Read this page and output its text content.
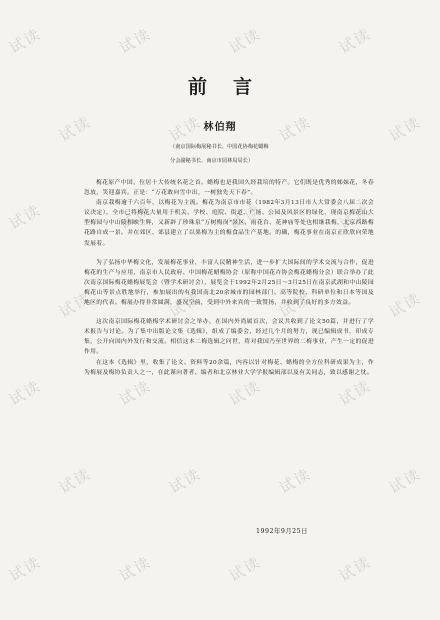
试读	试读	试读	试读
试读	试读	试读	试读
试读	试读	试读	试读
试读	试读	试读	试读
试读	试读	试读	试读
试读	试读	试读	试读
试读	试读	试读	试读
前言
林伯翔
（南京国际梅展秘书长、中国花协梅花蜡梅
分会副秘书长、南京市园林局局长）

梅花原产中国，位居十大传统名花之首。蜡梅也是我国久经栽培的特产。它们既是优秀的姊妹花，冬春忽放，笑迎嘉宾。正是：“万花敢向雪中出，一树独先天下春”。

南京栽梅逾千六百年，以梅花为主流。梅花为南京市市花（1982年3月13日市人大常委会八届二次会议决定），全市已将梅花大量用于机关、学校、庭院、街道、广场、公园及风景区的绿化，现南京梅花山大型梅园与中山陵相映生辉，又新辟了珍珠泉“万树梅岗”景区，雨花台、花神庙等处也相继栽梅，北京西路梅花路自成一景。并在郊区、郊县建立了以果梅为主的梅食品生产基地。的确，梅花事业在南京正欣欣向荣地发展着。

为了弘扬中华梅文化，发展梅花事业，丰富人民精神生活，进一步扩大国际间的学术交流与合作，促进梅花的生产与应用，南京市人民政府、中国梅花蜡梅协会（原称中国花卉协会梅花蜡梅分会）联合举办了此次南京国际梅花蜡梅展览会（暨学术研讨会），展览会于1992年2月25日～3月25日在南京武湖和中山陵园梅花山等景点胜地举行，参加展出的有我国南北20余城市的园林部门、高等院校、科研单位和日本等国及地区的代表。梅展办得非常圆满，盛况空前，受到中外来宾的一致赞扬，并收到了良好的多方效益。

这次南京国际梅花蜡梅学术研讨会之举办，在国内外尚属首次，会议共收到了论文50篇，并进行了学术报告与讨论。为了集中出版论文集《选辑》，组成了编委会，经过几个月的努力，现已编辑成书，印成专集，公开向国内外发行和交流。相信这本二梅选辑之问世，将对我国乃至世界的二梅事业，产生一定的促进作用。

在这本《选辑》里，收集了论文、资料等20余篇，内容以针对梅花、蜡梅的全方位科研成果为主，作为梅展及梅协负责人之一，在此谨向著者、编者和北京林业大学学报编辑部以及有关同志，致以感谢之忱。

1992年9月25日
